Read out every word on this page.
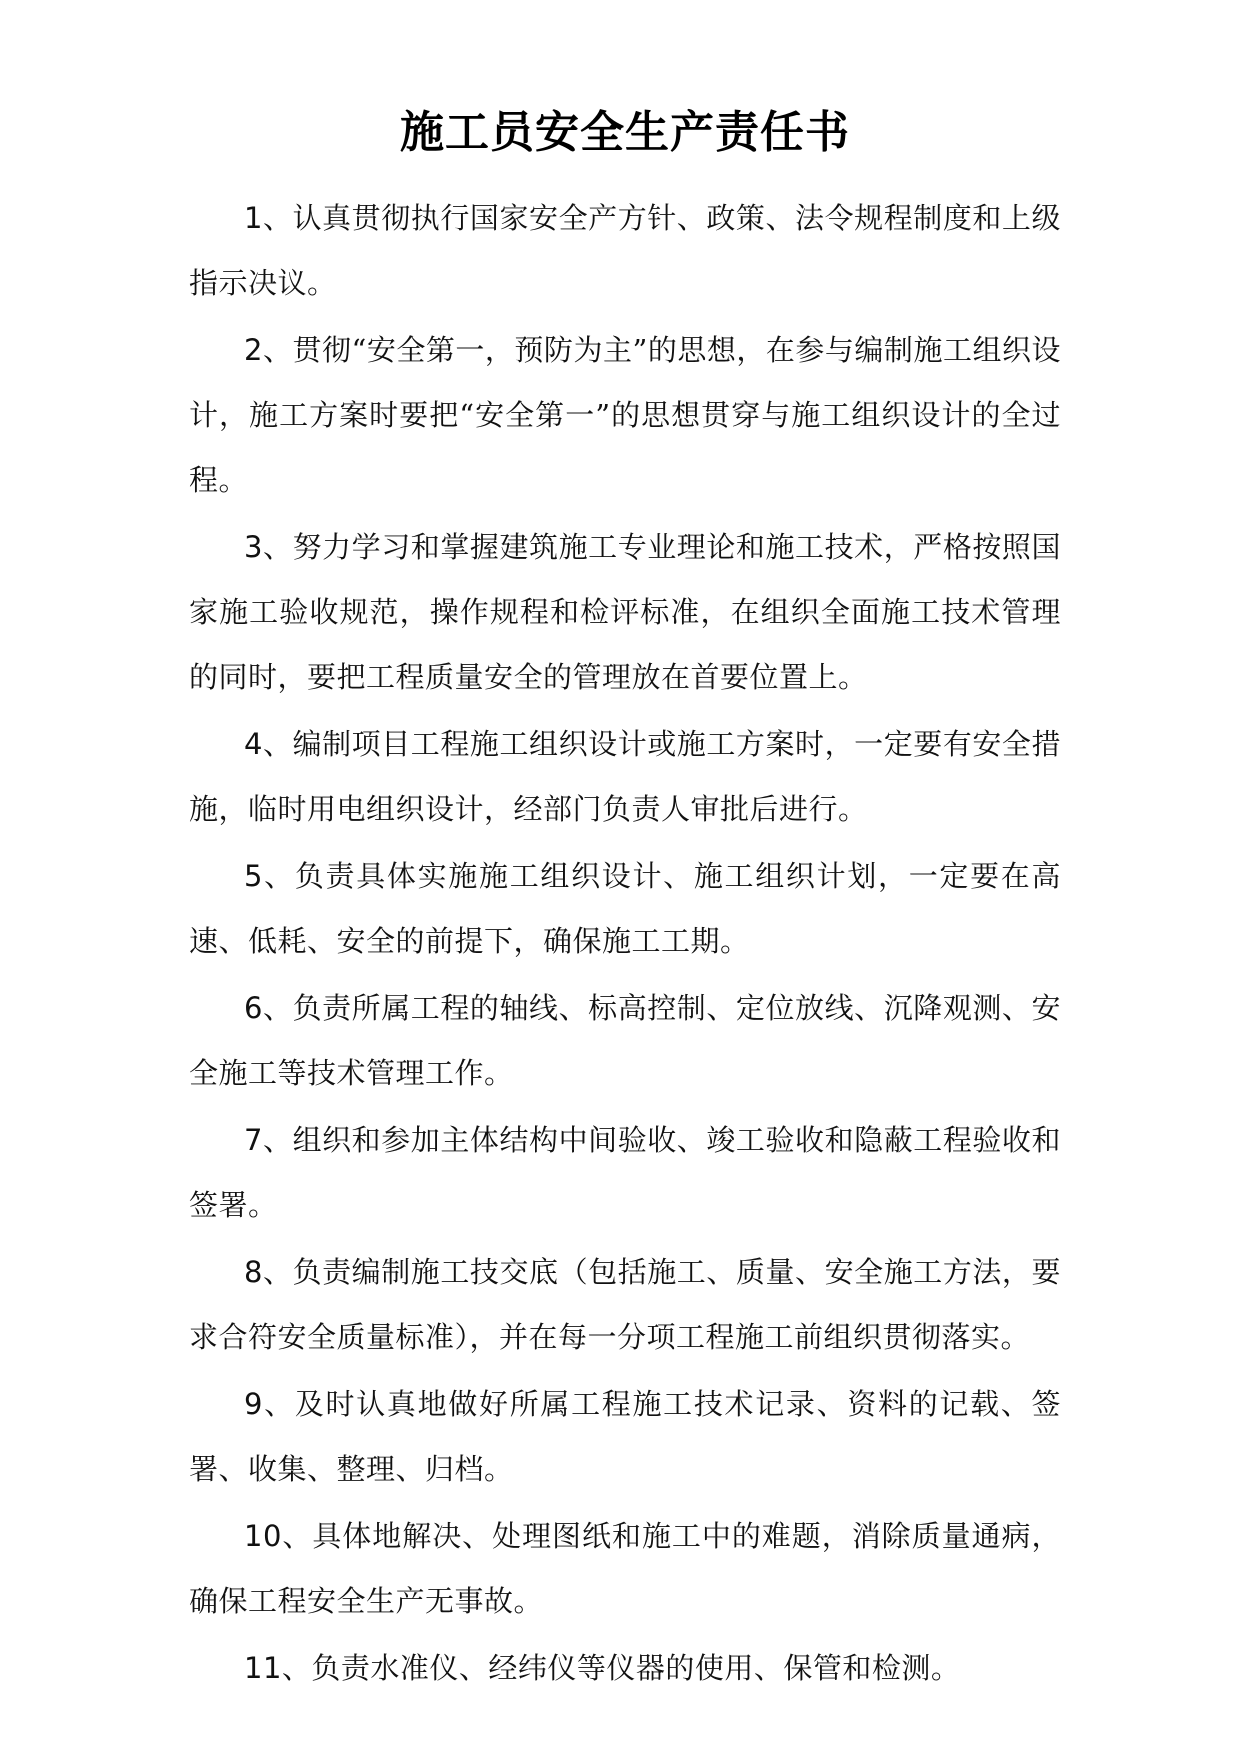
施工员安全生产责任书

1、认真贯彻执行国家安全产方针、政策、法令规程制度和上级指示决议。

2、贯彻“安全第一，预防为主”的思想，在参与编制施工组织设计，施工方案时要把“安全第一”的思想贯穿与施工组织设计的全过程。

3、努力学习和掌握建筑施工专业理论和施工技术，严格按照国家施工验收规范，操作规程和检评标准，在组织全面施工技术管理的同时，要把工程质量安全的管理放在首要位置上。

4、编制项目工程施工组织设计或施工方案时，一定要有安全措施，临时用电组织设计，经部门负责人审批后进行。

5、负责具体实施施工组织设计、施工组织计划，一定要在高速、低耗、安全的前提下，确保施工工期。

6、负责所属工程的轴线、标高控制、定位放线、沉降观测、安全施工等技术管理工作。

7、组织和参加主体结构中间验收、竣工验收和隐蔽工程验收和签署。

8、负责编制施工技交底（包括施工、质量、安全施工方法，要求合符安全质量标准），并在每一分项工程施工前组织贯彻落实。

9、及时认真地做好所属工程施工技术记录、资料的记载、签署、收集、整理、归档。

10、具体地解决、处理图纸和施工中的难题，消除质量通病，确保工程安全生产无事故。

11、负责水准仪、经纬仪等仪器的使用、保管和检测。
